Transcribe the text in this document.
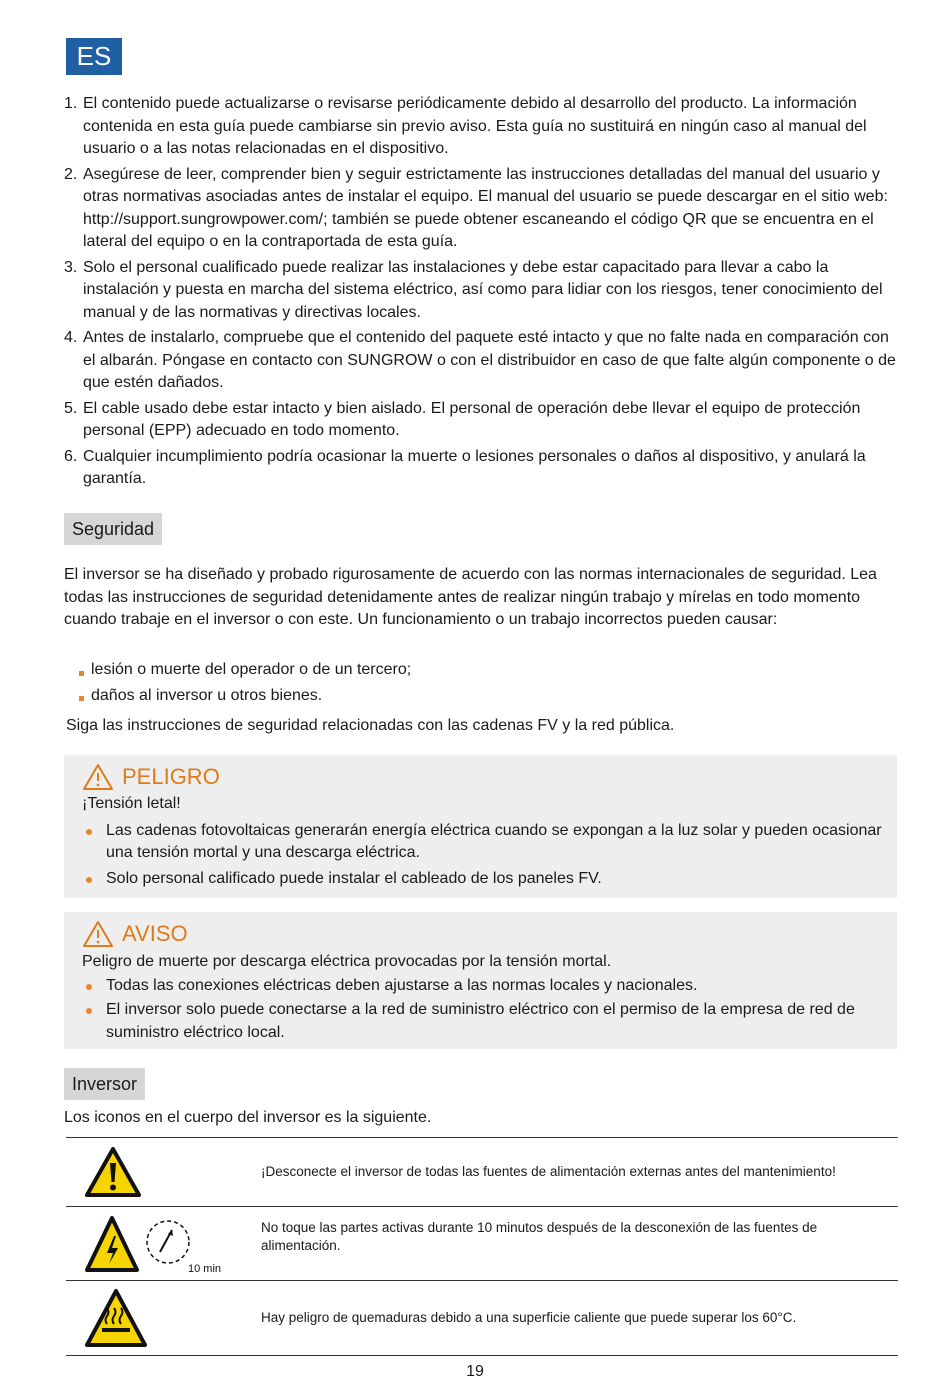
ES
1. El contenido puede actualizarse o revisarse periódicamente debido al desarrollo del producto. La información contenida en esta guía puede cambiarse sin previo aviso. Esta guía no sustituirá en ningún caso al manual del usuario o a las notas relacionadas en el dispositivo.
2. Asegúrese de leer, comprender bien y seguir estrictamente las instrucciones detalladas del manual del usuario y otras normativas asociadas antes de instalar el equipo. El manual del usuario se puede descargar en el sitio web: http://support.sungrowpower.com/; también se puede obtener escaneando el código QR que se encuentra en el lateral del equipo o en la contraportada de esta guía.
3. Solo el personal cualificado puede realizar las instalaciones y debe estar capacitado para llevar a cabo la instalación y puesta en marcha del sistema eléctrico, así como para lidiar con los riesgos, tener conocimiento del manual y de las normativas y directivas locales.
4. Antes de instalarlo, compruebe que el contenido del paquete esté intacto y que no falte nada en comparación con el albarán. Póngase en contacto con SUNGROW o con el distribuidor en caso de que falte algún componente o de que estén dañados.
5. El cable usado debe estar intacto y bien aislado. El personal de operación debe llevar el equipo de protección personal (EPP) adecuado en todo momento.
6. Cualquier incumplimiento podría ocasionar la muerte o lesiones personales o daños al dispositivo, y anulará la garantía.
Seguridad
El inversor se ha diseñado y probado rigurosamente de acuerdo con las normas internacionales de seguridad. Lea todas las instrucciones de seguridad detenidamente antes de realizar ningún trabajo y mírelas en todo momento cuando trabaje en el inversor o con este. Un funcionamiento o un trabajo incorrectos pueden causar:
lesión o muerte del operador o de un tercero;
daños al inversor u otros bienes.
Siga las instrucciones de seguridad relacionadas con las cadenas FV y la red pública.
PELIGRO
¡Tensión letal!
Las cadenas fotovoltaicas generarán energía eléctrica cuando se expongan a la luz solar y pueden ocasionar una tensión mortal y una descarga eléctrica.
Solo personal calificado puede instalar el cableado de los paneles FV.
AVISO
Peligro de muerte por descarga eléctrica provocadas por la tensión mortal.
Todas las conexiones eléctricas deben ajustarse a las normas locales y nacionales.
El inversor solo puede conectarse a la red de suministro eléctrico con el permiso de la empresa de red de suministro eléctrico local.
Inversor
Los iconos en el cuerpo del inversor es la siguiente.
¡Desconecte el inversor de todas las fuentes de alimentación externas antes del mantenimiento!
10 min
No toque las partes activas durante 10 minutos después de la desconexión de las fuentes de alimentación.
Hay peligro de quemaduras debido a una superficie caliente que puede superar los 60°C.
19
